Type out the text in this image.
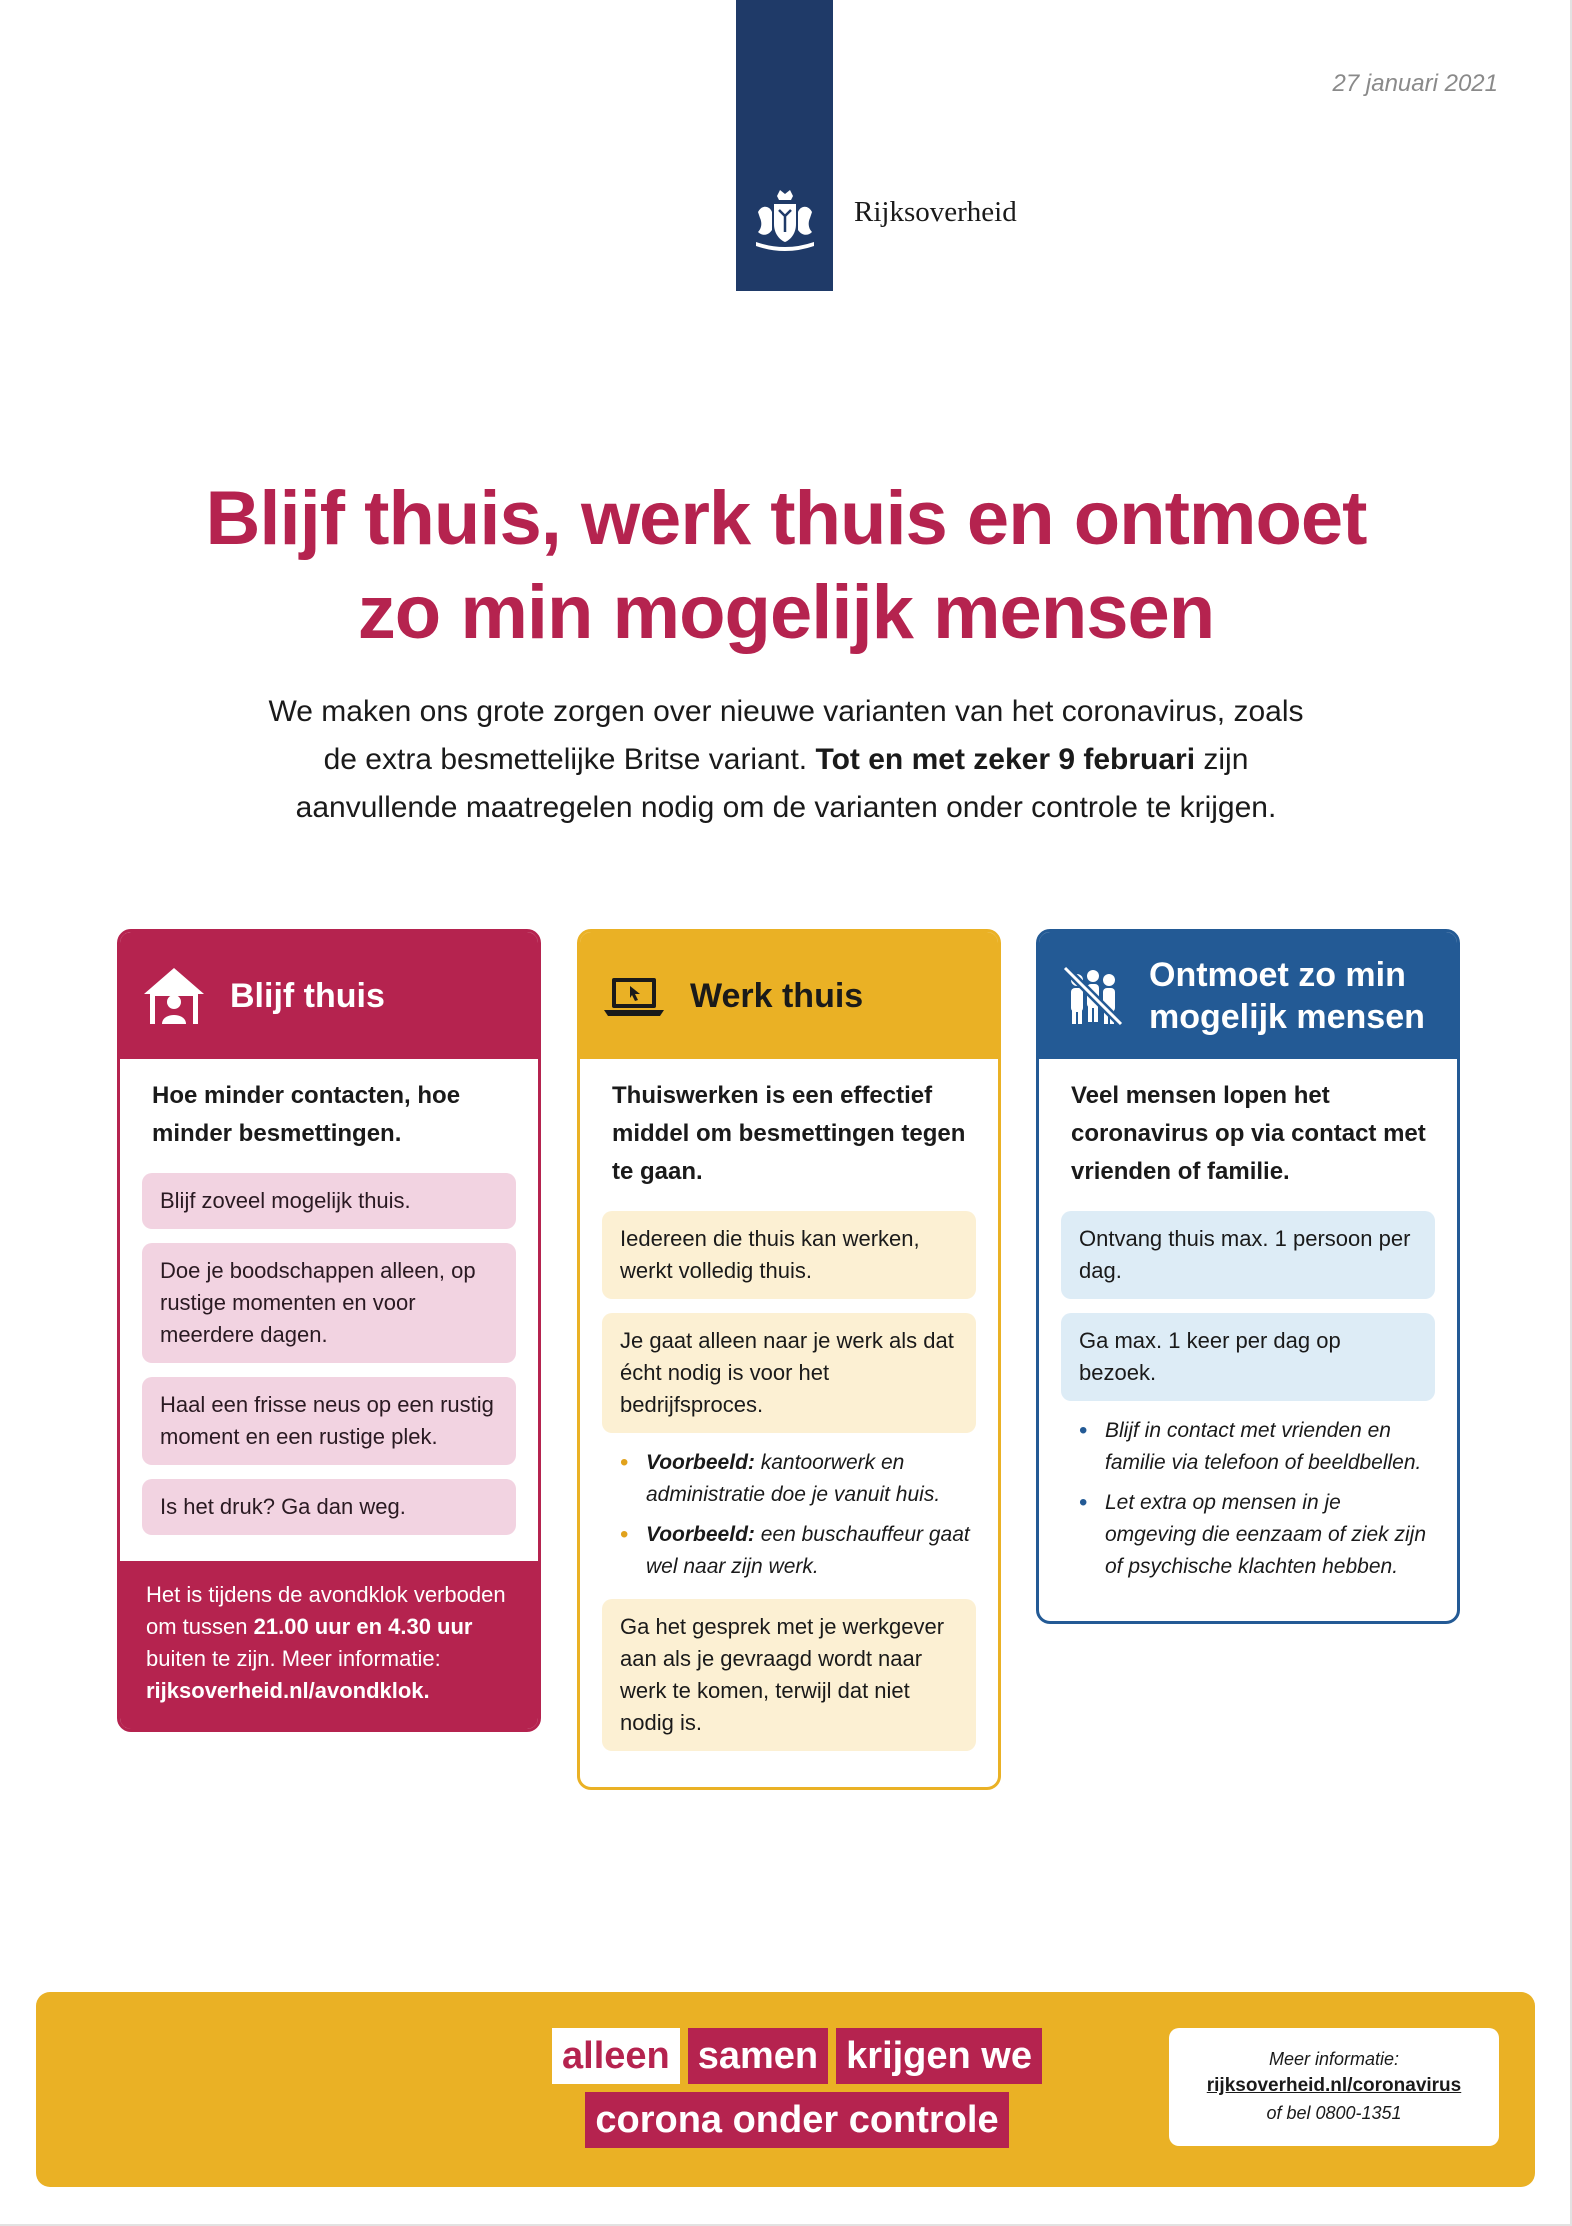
27 januari 2021
Rijksoverheid
Blijf thuis, werk thuis en ontmoet
zo min mogelijk mensen
We maken ons grote zorgen over nieuwe varianten van het coronavirus, zoals
de extra besmettelijke Britse variant. Tot en met zeker 9 februari zijn
aanvullende maatregelen nodig om de varianten onder controle te krijgen.
Blijf thuis
Hoe minder contacten, hoe minder besmettingen.
Blijf zoveel mogelijk thuis.
Doe je boodschappen alleen, op rustige momenten en voor meerdere dagen.
Haal een frisse neus op een rustig moment en een rustige plek.
Is het druk? Ga dan weg.
Het is tijdens de avondklok verboden om tussen 21.00 uur en 4.30 uur buiten te zijn. Meer informatie: rijksoverheid.nl/avondklok.
Werk thuis
Thuiswerken is een effectief middel om besmettingen tegen te gaan.
Iedereen die thuis kan werken, werkt volledig thuis.
Je gaat alleen naar je werk als dat écht nodig is voor het bedrijfsproces.
• Voorbeeld: kantoorwerk en administratie doe je vanuit huis.
• Voorbeeld: een buschauffeur gaat wel naar zijn werk.
Ga het gesprek met je werkgever aan als je gevraagd wordt naar werk te komen, terwijl dat niet nodig is.
Ontmoet zo min
mogelijk mensen
Veel mensen lopen het coronavirus op via contact met vrienden of familie.
Ontvang thuis max. 1 persoon per dag.
Ga max. 1 keer per dag op bezoek.
• Blijf in contact met vrienden en familie via telefoon of beeldbellen.
• Let extra op mensen in je omgeving die eenzaam of ziek zijn of psychische klachten hebben.
alleen samen krijgen we
corona onder controle
Meer informatie:
rijksoverheid.nl/coronavirus
of bel 0800-1351
